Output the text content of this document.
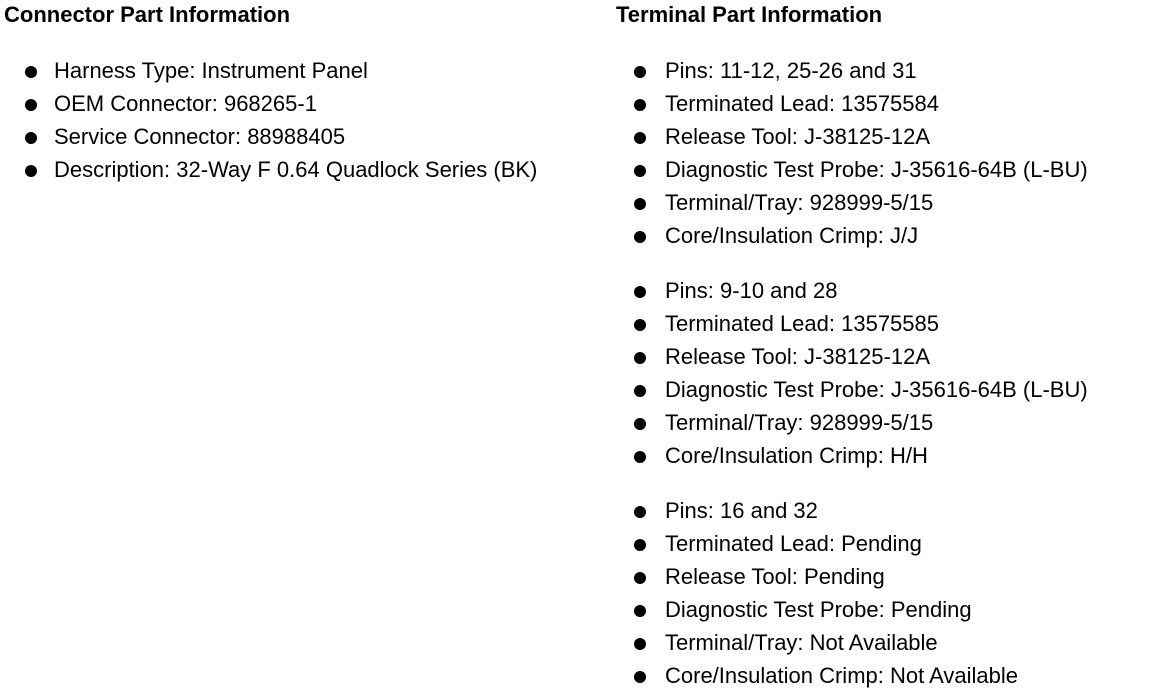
Connector Part Information
Harness Type: Instrument Panel
OEM Connector: 968265-1
Service Connector: 88988405
Description: 32-Way F 0.64 Quadlock Series (BK)
Terminal Part Information
Pins: 11-12, 25-26 and 31
Terminated Lead: 13575584
Release Tool: J-38125-12A
Diagnostic Test Probe: J-35616-64B (L-BU)
Terminal/Tray: 928999-5/15
Core/Insulation Crimp: J/J
Pins: 9-10 and 28
Terminated Lead: 13575585
Release Tool: J-38125-12A
Diagnostic Test Probe: J-35616-64B (L-BU)
Terminal/Tray: 928999-5/15
Core/Insulation Crimp: H/H
Pins: 16 and 32
Terminated Lead: Pending
Release Tool: Pending
Diagnostic Test Probe: Pending
Terminal/Tray: Not Available
Core/Insulation Crimp: Not Available
